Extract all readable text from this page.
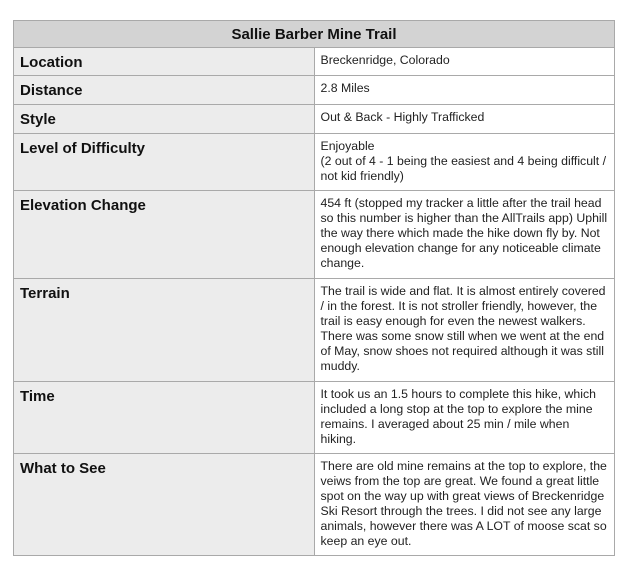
Sallie Barber Mine Trail	
Location	Breckenridge, Colorado
Distance	2.8 Miles
Style	Out & Back - Highly Trafficked
Level of Difficulty	Enjoyable
(2 out of 4 - 1 being the easiest and 4 being difficult / not kid friendly)

Elevation Change	454 ft (stopped my tracker a little after the trail head so this number is higher than the AllTrails app) Uphill the way there which made the hike down fly by. Not enough elevation change for any noticeable climate change.
Terrain	The trail is wide and flat. It is almost entirely covered / in the forest. It is not stroller friendly, however, the trail is easy enough for even the newest walkers. There was some snow still when we went at the end of May, snow shoes not required although it was still muddy.
Time	It took us an 1.5 hours to complete this hike, which included a long stop at the top to explore the mine remains. I averaged about 25 min / mile when hiking.
What to See	There are old mine remains at the top to explore, the veiws from the top are great. We found a great little spot on the way up with great views of Breckenridge Ski Resort through the trees. I did not see any large animals, however there was A LOT of moose scat so keep an eye out.
